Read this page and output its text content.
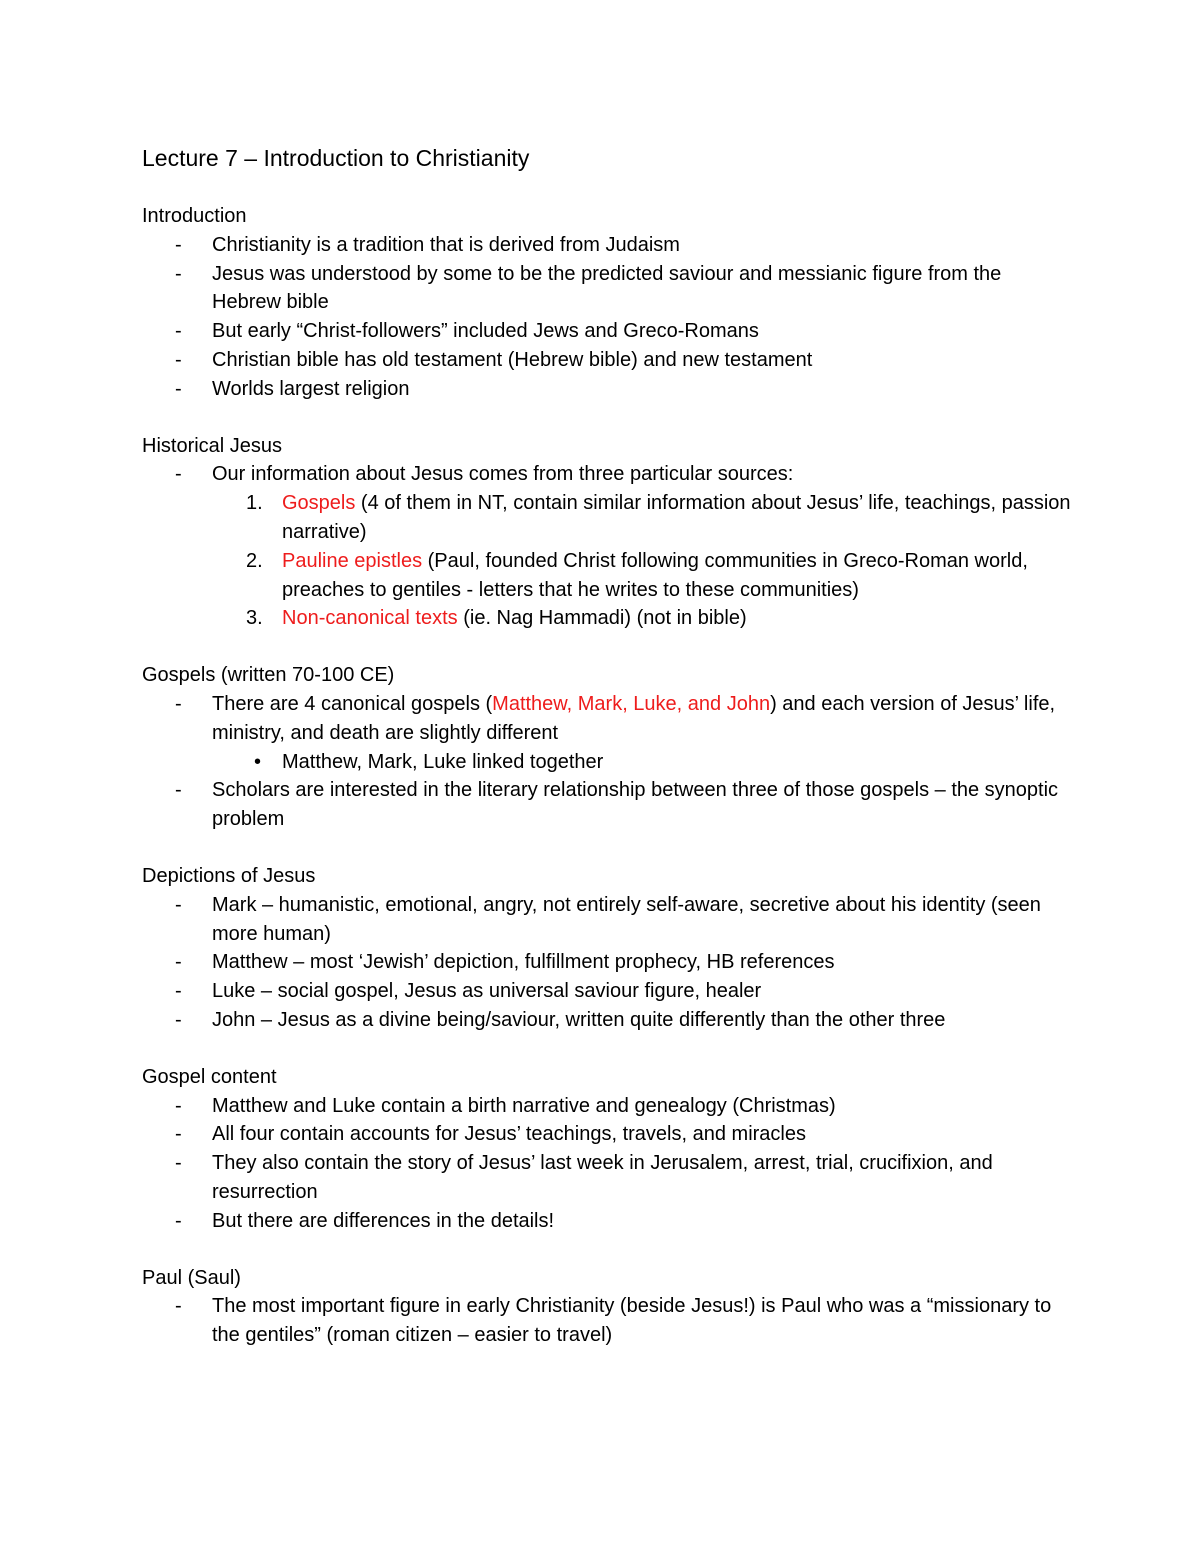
Lecture 7 – Introduction to Christianity
Introduction
- Christianity is a tradition that is derived from Judaism
- Jesus was understood by some to be the predicted saviour and messianic figure from the Hebrew bible
- But early “Christ-followers” included Jews and Greco-Romans
- Christian bible has old testament (Hebrew bible) and new testament
- Worlds largest religion
Historical Jesus
- Our information about Jesus comes from three particular sources:
1. Gospels (4 of them in NT, contain similar information about Jesus’ life, teachings, passion narrative)
2. Pauline epistles (Paul, founded Christ following communities in Greco-Roman world, preaches to gentiles - letters that he writes to these communities)
3. Non-canonical texts (ie. Nag Hammadi) (not in bible)
Gospels (written 70-100 CE)
- There are 4 canonical gospels (Matthew, Mark, Luke, and John) and each version of Jesus’ life, ministry, and death are slightly different
• Matthew, Mark, Luke linked together
- Scholars are interested in the literary relationship between three of those gospels – the synoptic problem
Depictions of Jesus
- Mark – humanistic, emotional, angry, not entirely self-aware, secretive about his identity (seen more human)
- Matthew – most ‘Jewish’ depiction, fulfillment prophecy, HB references
- Luke – social gospel, Jesus as universal saviour figure, healer
- John – Jesus as a divine being/saviour, written quite differently than the other three
Gospel content
- Matthew and Luke contain a birth narrative and genealogy (Christmas)
- All four contain accounts for Jesus’ teachings, travels, and miracles
- They also contain the story of Jesus’ last week in Jerusalem, arrest, trial, crucifixion, and resurrection
- But there are differences in the details!
Paul (Saul)
- The most important figure in early Christianity (beside Jesus!) is Paul who was a “missionary to the gentiles” (roman citizen – easier to travel)
